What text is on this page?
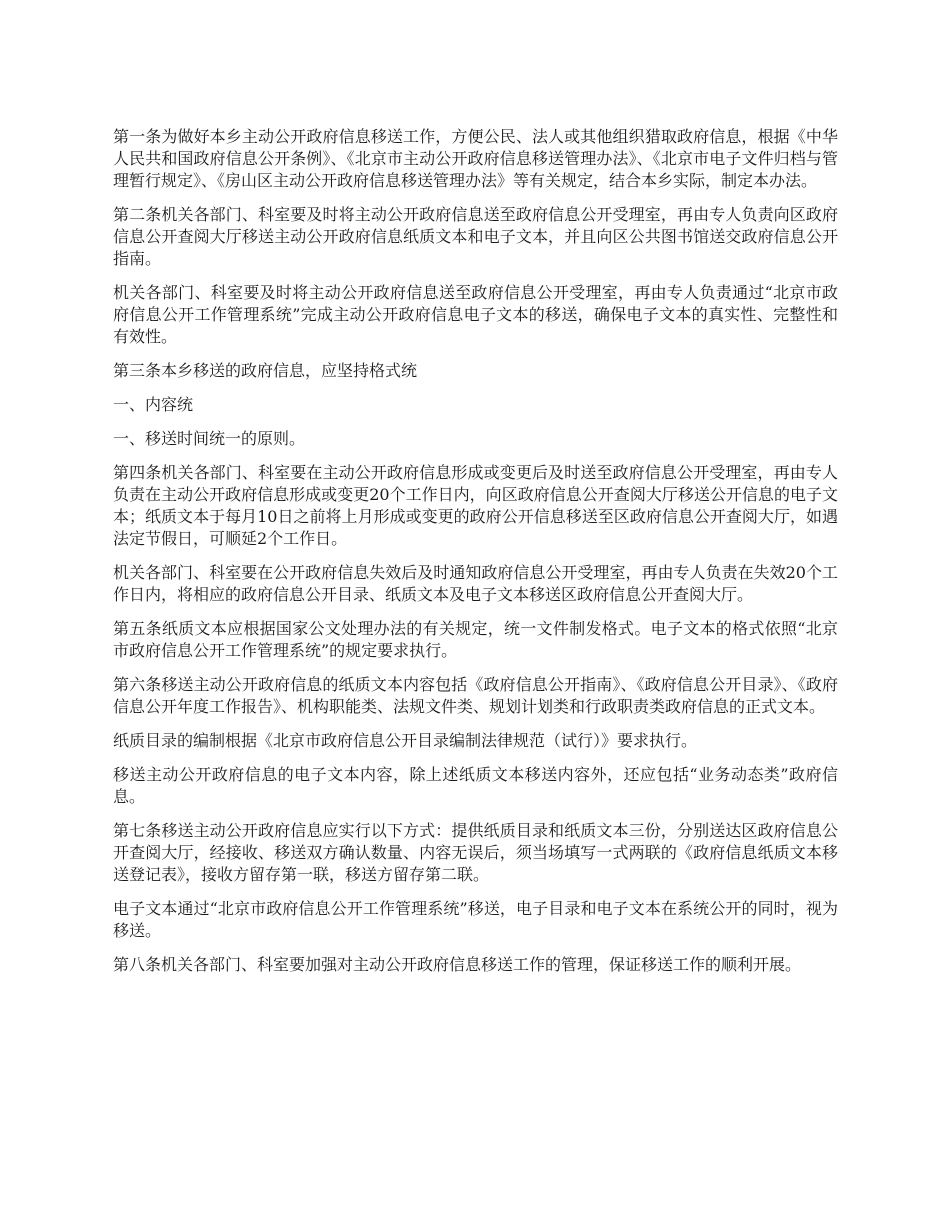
第一条为做好本乡主动公开政府信息移送工作，方便公民、法人或其他组织猎取政府信息，根据《中华人民共和国政府信息公开条例》、《北京市主动公开政府信息移送管理办法》、《北京市电子文件归档与管理暂行规定》、《房山区主动公开政府信息移送管理办法》等有关规定，结合本乡实际，制定本办法。

第二条机关各部门、科室要及时将主动公开政府信息送至政府信息公开受理室，再由专人负责向区政府信息公开查阅大厅移送主动公开政府信息纸质文本和电子文本，并且向区公共图书馆送交政府信息公开指南。

机关各部门、科室要及时将主动公开政府信息送至政府信息公开受理室，再由专人负责通过“北京市政府信息公开工作管理系统”完成主动公开政府信息电子文本的移送，确保电子文本的真实性、完整性和有效性。

第三条本乡移送的政府信息，应坚持格式统

一、内容统

一、移送时间统一的原则。

第四条机关各部门、科室要在主动公开政府信息形成或变更后及时送至政府信息公开受理室，再由专人负责在主动公开政府信息形成或变更20个工作日内，向区政府信息公开查阅大厅移送公开信息的电子文本；纸质文本于每月10日之前将上月形成或变更的政府公开信息移送至区政府信息公开查阅大厅，如遇法定节假日，可顺延2个工作日。

机关各部门、科室要在公开政府信息失效后及时通知政府信息公开受理室，再由专人负责在失效20个工作日内，将相应的政府信息公开目录、纸质文本及电子文本移送区政府信息公开查阅大厅。

第五条纸质文本应根据国家公文处理办法的有关规定，统一文件制发格式。电子文本的格式依照“北京市政府信息公开工作管理系统”的规定要求执行。

第六条移送主动公开政府信息的纸质文本内容包括《政府信息公开指南》、《政府信息公开目录》、《政府信息公开年度工作报告》、机构职能类、法规文件类、规划计划类和行政职责类政府信息的正式文本。

纸质目录的编制根据《北京市政府信息公开目录编制法律规范（试行）》要求执行。

移送主动公开政府信息的电子文本内容，除上述纸质文本移送内容外，还应包括“业务动态类”政府信息。

第七条移送主动公开政府信息应实行以下方式：提供纸质目录和纸质文本三份，分别送达区政府信息公开查阅大厅，经接收、移送双方确认数量、内容无误后，须当场填写一式两联的《政府信息纸质文本移送登记表》，接收方留存第一联，移送方留存第二联。

电子文本通过“北京市政府信息公开工作管理系统”移送，电子目录和电子文本在系统公开的同时，视为移送。

第八条机关各部门、科室要加强对主动公开政府信息移送工作的管理，保证移送工作的顺利开展。
